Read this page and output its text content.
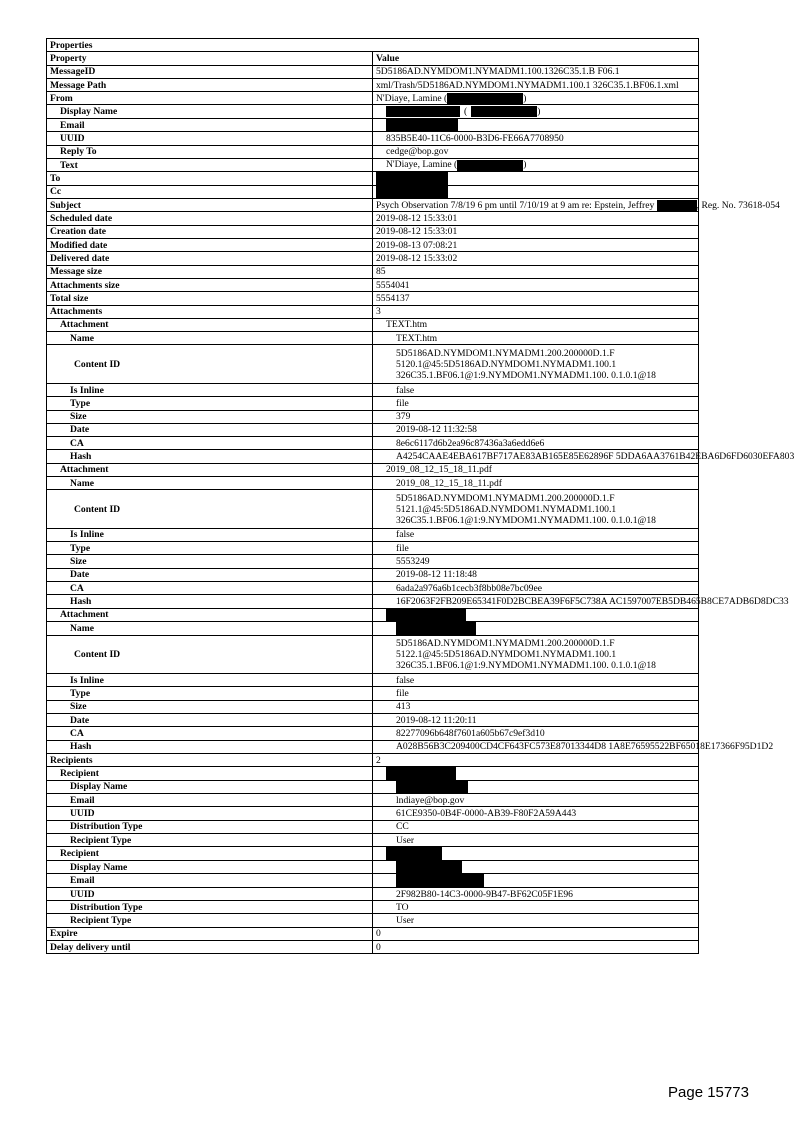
Properties	
Property	Value
MessageID	5D5186AD.NYMDOM1.NYMADM1.100.1326C35.1.B F06.1
Message Path	xml/Trash/5D5186AD.NYMDOM1.NYMADM1.100.1 326C35.1.BF06.1.xml
From	N'Diaye, Lamine ( )
Display Name	( )
Email	
UUID	835B5E40-11C6-0000-B3D6-FE66A7708950
Reply To	cedge@bop.gov
Text	N'Diaye, Lamine ( )
To	
Cc	
Subject	Psych Observation 7/8/19 6 pm until 7/10/19 at 9 am re: Epstein, Jeffrey , Reg. No. 73618-054
Scheduled date	2019-08-12 15:33:01
Creation date	2019-08-12 15:33:01
Modified date	2019-08-13 07:08:21
Delivered date	2019-08-12 15:33:02
Message size	85
Attachments size	5554041
Total size	5554137
Attachments	3
Attachment	TEXT.htm
Name	TEXT.htm
Content ID	5D5186AD.NYMDOM1.NYMADM1.200.200000D.1.F
5120.1@45:5D5186AD.NYMDOM1.NYMADM1.100.1
326C35.1.BF06.1@1:9.NYMDOM1.NYMADM1.100. 0.1.0.1@18

Is Inline	false
Type	file
Size	379
Date	2019-08-12 11:32:58
CA	8e6c6117d6b2ea96c87436a3a6edd6e6
Hash	A4254CAAE4EBA617BF717AE83AB165E85E62896F 5DDA6AA3761B42EBA6D6FD6030EFA803
Attachment	2019_08_12_15_18_11.pdf
Name	2019_08_12_15_18_11.pdf
Content ID	5D5186AD.NYMDOM1.NYMADM1.200.200000D.1.F
5121.1@45:5D5186AD.NYMDOM1.NYMADM1.100.1
326C35.1.BF06.1@1:9.NYMDOM1.NYMADM1.100. 0.1.0.1@18

Is Inline	false
Type	file
Size	5553249
Date	2019-08-12 11:18:48
CA	6ada2a976a6b1cecb3f8bb08e7bc09ee
Hash	16F2063F2FB209E65341F0D2BCBEA39F6F5C738A AC1597007EB5DB465B8CE7ADB6D8DC33
Attachment	
Name	
Content ID	5D5186AD.NYMDOM1.NYMADM1.200.200000D.1.F
5122.1@45:5D5186AD.NYMDOM1.NYMADM1.100.1
326C35.1.BF06.1@1:9.NYMDOM1.NYMADM1.100. 0.1.0.1@18

Is Inline	false
Type	file
Size	413
Date	2019-08-12 11:20:11
CA	82277096b648f7601a605b67c9ef3d10
Hash	A028B56B3C209400CD4CF643FC573E87013344D8 1A8E76595522BF65018E17366F95D1D2
Recipients	2
Recipient	
Display Name	
Email	lndiaye@bop.gov
UUID	61CE9350-0B4F-0000-AB39-F80F2A59A443
Distribution Type	CC
Recipient Type	User
Recipient	
Display Name	
Email	
UUID	2F982B80-14C3-0000-9B47-BF62C05F1E96
Distribution Type	TO
Recipient Type	User
Expire	0
Delay delivery until	0
Page 15773
